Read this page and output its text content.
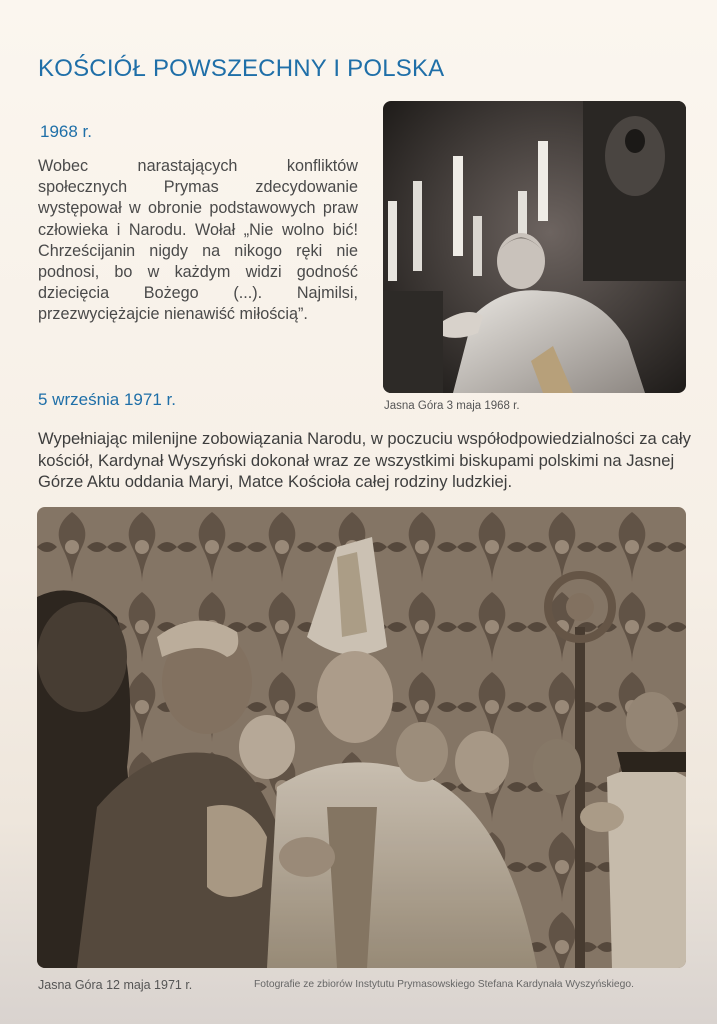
KOŚCIÓŁ POWSZECHNY I POLSKA
1968 r.
Wobec narastających konfliktów społecznych Prymas zdecydowanie występował w obronie podstawowych praw człowieka i Narodu. Wołał „Nie wolno bić! Chrześcijanin nigdy na nikogo ręki nie podnosi, bo w każdym widzi godność dziecięcia Bożego (...). Najmilsi, przezwyciężajcie nienawiść miłością”.
Jasna Góra 3 maja 1968 r.
5 września 1971 r.
Wypełniając milenijne zobowiązania Narodu, w poczuciu współodpowiedzialności za cały kościół, Kardynał Wyszyński dokonał wraz ze wszystkimi biskupami polskimi na Jasnej Górze Aktu oddania Maryi, Matce Kościoła całej rodziny ludzkiej.
Jasna Góra 12 maja 1971 r.	Fotografie ze zbiorów Instytutu Prymasowskiego Stefana Kardynała Wyszyńskiego.
